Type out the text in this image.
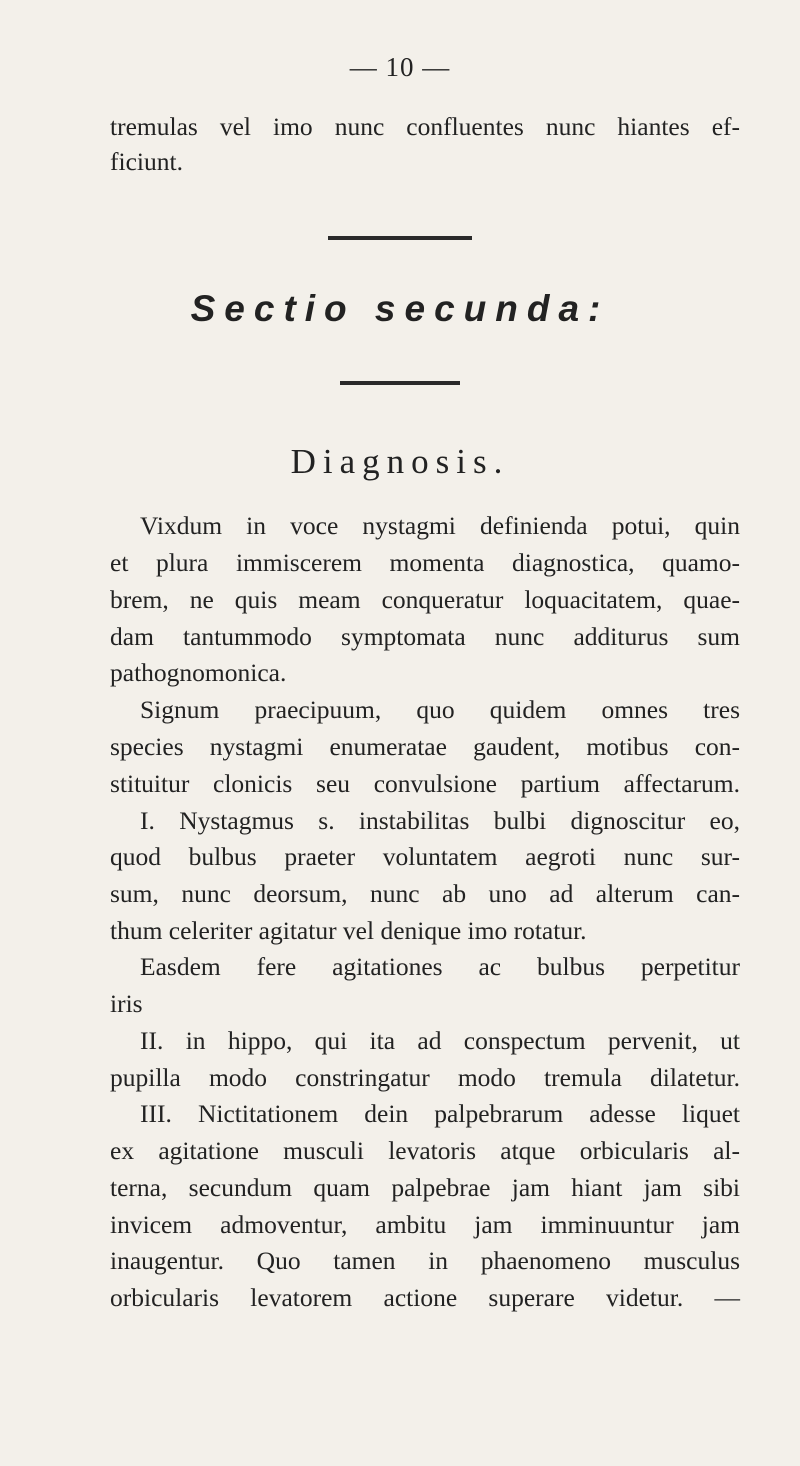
— 10 —
tremulas vel imo nunc confluentes nunc hiantes ef-
ficiunt.
Sectio secunda:
Diagnosis.
Vixdum in voce nystagmi definienda potui, quin
et plura immiscerem momenta diagnostica, quamo-
brem, ne quis meam conqueratur loquacitatem, quae-
dam tantummodo symptomata nunc additurus sum
pathognomonica.
Signum praecipuum, quo quidem omnes tres
species nystagmi enumeratae gaudent, motibus con-
stituitur clonicis seu convulsione partium affectarum.
I. Nystagmus s. instabilitas bulbi dignoscitur eo,
quod bulbus praeter voluntatem aegroti nunc sur-
sum, nunc deorsum, nunc ab uno ad alterum can-
thum celeriter agitatur vel denique imo rotatur.
Easdem fere agitationes ac bulbus perpetitur
iris
II. in hippo, qui ita ad conspectum pervenit, ut
pupilla modo constringatur modo tremula dilatetur.
III. Nictitationem dein palpebrarum adesse liquet
ex agitatione musculi levatoris atque orbicularis al-
terna, secundum quam palpebrae jam hiant jam sibi
invicem admoventur, ambitu jam imminuuntur jam
inaugentur. Quo tamen in phaenomeno musculus
orbicularis levatorem actione superare videtur. —
